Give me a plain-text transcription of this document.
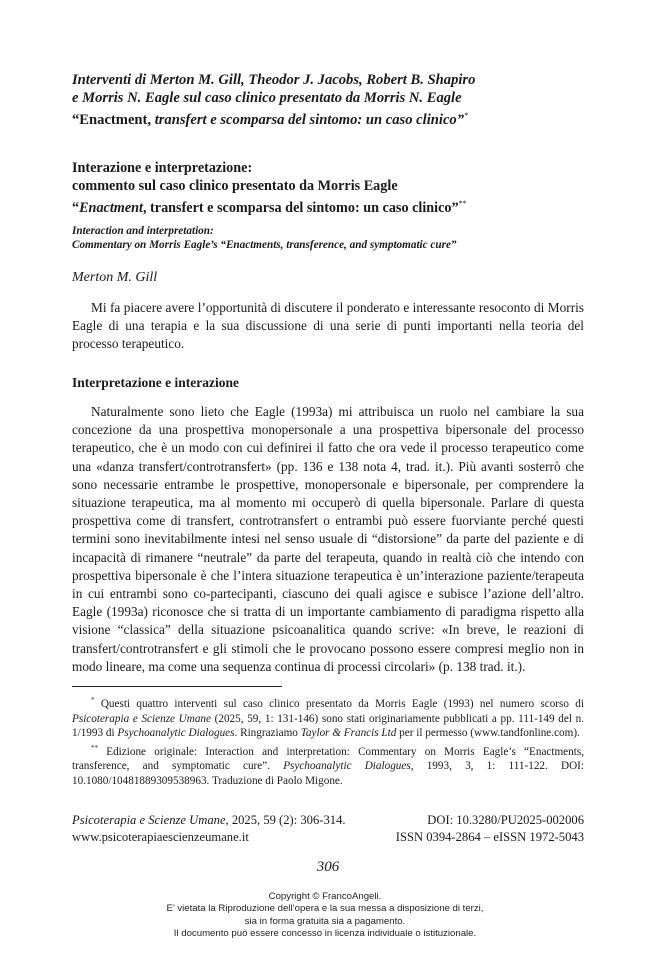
Interventi di Merton M. Gill, Theodor J. Jacobs, Robert B. Shapiro
e Morris N. Eagle sul caso clinico presentato da Morris N. Eagle
“Enactment, transfert e scomparsa del sintomo: un caso clinico”*
Interazione e interpretazione:
commento sul caso clinico presentato da Morris Eagle
“Enactment, transfert e scomparsa del sintomo: un caso clinico”**
Interaction and interpretation:
Commentary on Morris Eagle’s “Enactments, transference, and symptomatic cure”
Merton M. Gill

Mi fa piacere avere l’opportunità di discutere il ponderato e interessante resoconto di Morris Eagle di una terapia e la sua discussione di una serie di punti importanti nella teoria del processo terapeutico.

Interpretazione e interazione

Naturalmente sono lieto che Eagle (1993a) mi attribuisca un ruolo nel cambiare la sua concezione da una prospettiva monopersonale a una prospettiva bipersonale del processo terapeutico, che è un modo con cui definirei il fatto che ora vede il processo terapeutico come una «danza transfert/controtransfert» (pp. 136 e 138 nota 4, trad. it.). Più avanti sosterrò che sono necessarie entrambe le prospettive, monopersonale e bipersonale, per comprendere la situazione terapeutica, ma al momento mi occuperò di quella bipersonale. Parlare di questa prospettiva come di transfert, controtransfert o entrambi può essere fuorviante perché questi termini sono inevitabilmente intesi nel senso usuale di “distorsione” da parte del paziente e di incapacità di rimanere “neutrale” da parte del terapeuta, quando in realtà ciò che intendo con prospettiva bipersonale è che l’intera situazione terapeutica è un’interazione paziente/terapeuta in cui entrambi sono co-partecipanti, ciascuno dei quali agisce e subisce l’azione dell’altro. Eagle (1993a) riconosce che si tratta di un importante cambiamento di paradigma rispetto alla visione “classica” della situazione psicoanalitica quando scrive: «In breve, le reazioni di transfert/controtransfert e gli stimoli che le provocano possono essere compresi meglio non in modo lineare, ma come una sequenza continua di processi circolari» (p. 138 trad. it.).

* Questi quattro interventi sul caso clinico presentato da Morris Eagle (1993) nel numero scorso di Psicoterapia e Scienze Umane (2025, 59, 1: 131-146) sono stati originariamente pubblicati a pp. 111-149 del n. 1/1993 di Psychoanalytic Dialogues. Ringraziamo Taylor & Francis Ltd per il permesso (www.tandfonline.com).

** Edizione originale: Interaction and interpretation: Commentary on Morris Eagle’s “Enactments, transference, and symptomatic cure”. Psychoanalytic Dialogues, 1993, 3, 1: 111-122. DOI: 10.1080/10481889309538963. Traduzione di Paolo Migone.

Psicoterapia e Scienze Umane, 2025, 59 (2): 306-314.	DOI: 10.3280/PU2025-002006
www.psicoterapiaescienzeumane.it	ISSN 0394-2864 – eISSN 1972-5043
306
Copyright © FrancoAngeli.
E’ vietata la Riproduzione dell’opera e la sua messa a disposizione di terzi,
sia in forma gratuita sia a pagamento.
Il documento può essere concesso in licenza individuale o istituzionale.
